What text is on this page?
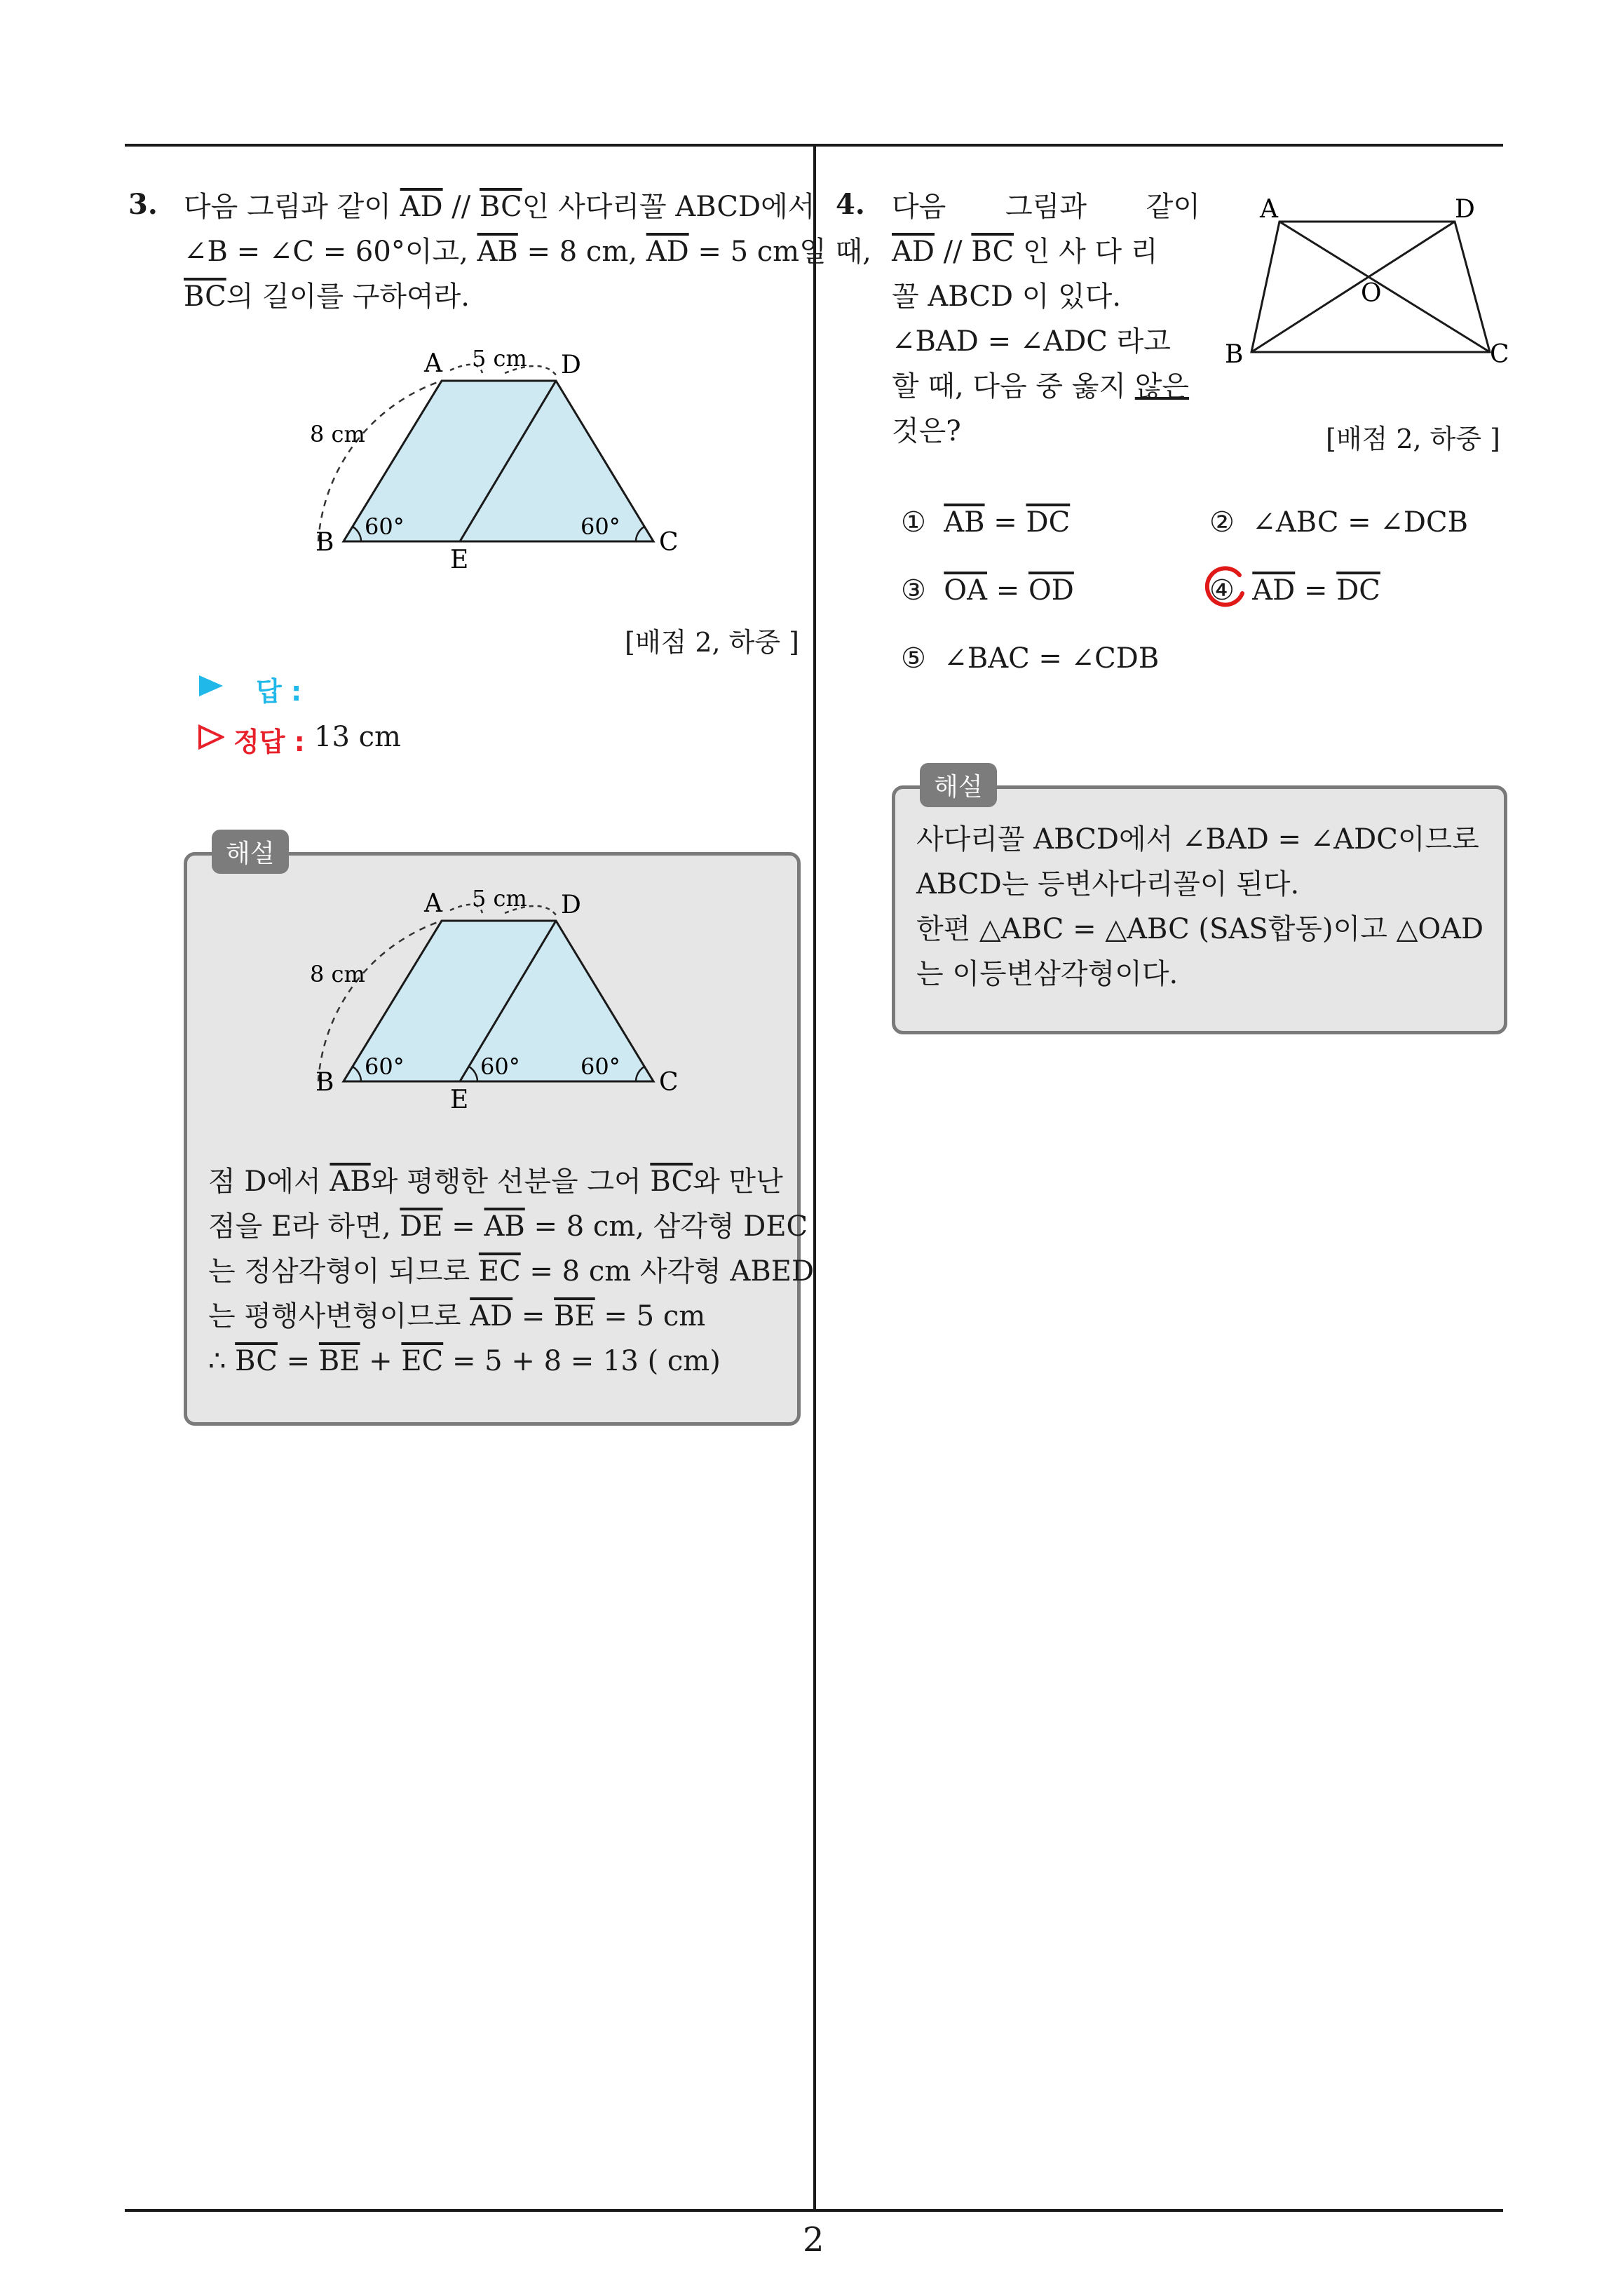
3. 다음 그림과 같이 $\overline{AD} // \overline{BC}$인 사다리꼴 ABCD에서
∠B = ∠C = 60°이고, $\overline{AB} = 8$ cm, $\overline{AD} = 5$ cm일 때,
$\overline{BC}$의 길이를 구하여라.
A	D
B	C
E
5 cm
8 cm
60°	60°
[배점 2, 하중 ]
답 :
정답 : 13 cm
해설
A	D
B	C
E
5 cm
8 cm
60°	60°	60°
점 D에서 $\overline{AB}$와 평행한 선분을 그어 $\overline{BC}$와 만난
점을 E라 하면, $\overline{DE} = \overline{AB} = 8$ cm, 삼각형 DEC
는 정삼각형이 되므로 $\overline{EC} = 8$ cm 사각형 ABED
는 평행사변형이므로 $\overline{AD} = \overline{BE} = 5$ cm
∴ $\overline{BC} = \overline{BE} + \overline{EC} = 5 + 8 = 13$ ( cm)
4. 다음 그림과 같이
$\overline{AD} // \overline{BC}$ 인 사 다 리
꼴 ABCD 이 있다.
∠BAD = ∠ADC 라고
할 때, 다음 중 옳지 않은
것은?
A	D
B	C
O
[배점 2, 하중 ]
① $\overline{AB} = \overline{DC}$	② ∠ABC = ∠DCB
③ $\overline{OA} = \overline{OD}$	④ $\overline{AD} = \overline{DC}$
⑤ ∠BAC = ∠CDB
해설
사다리꼴 ABCD에서 ∠BAD = ∠ADC이므로
ABCD는 등변사다리꼴이 된다.
한편 △ABC = △ABC (SAS합동)이고 △OAD
는 이등변삼각형이다.
2
